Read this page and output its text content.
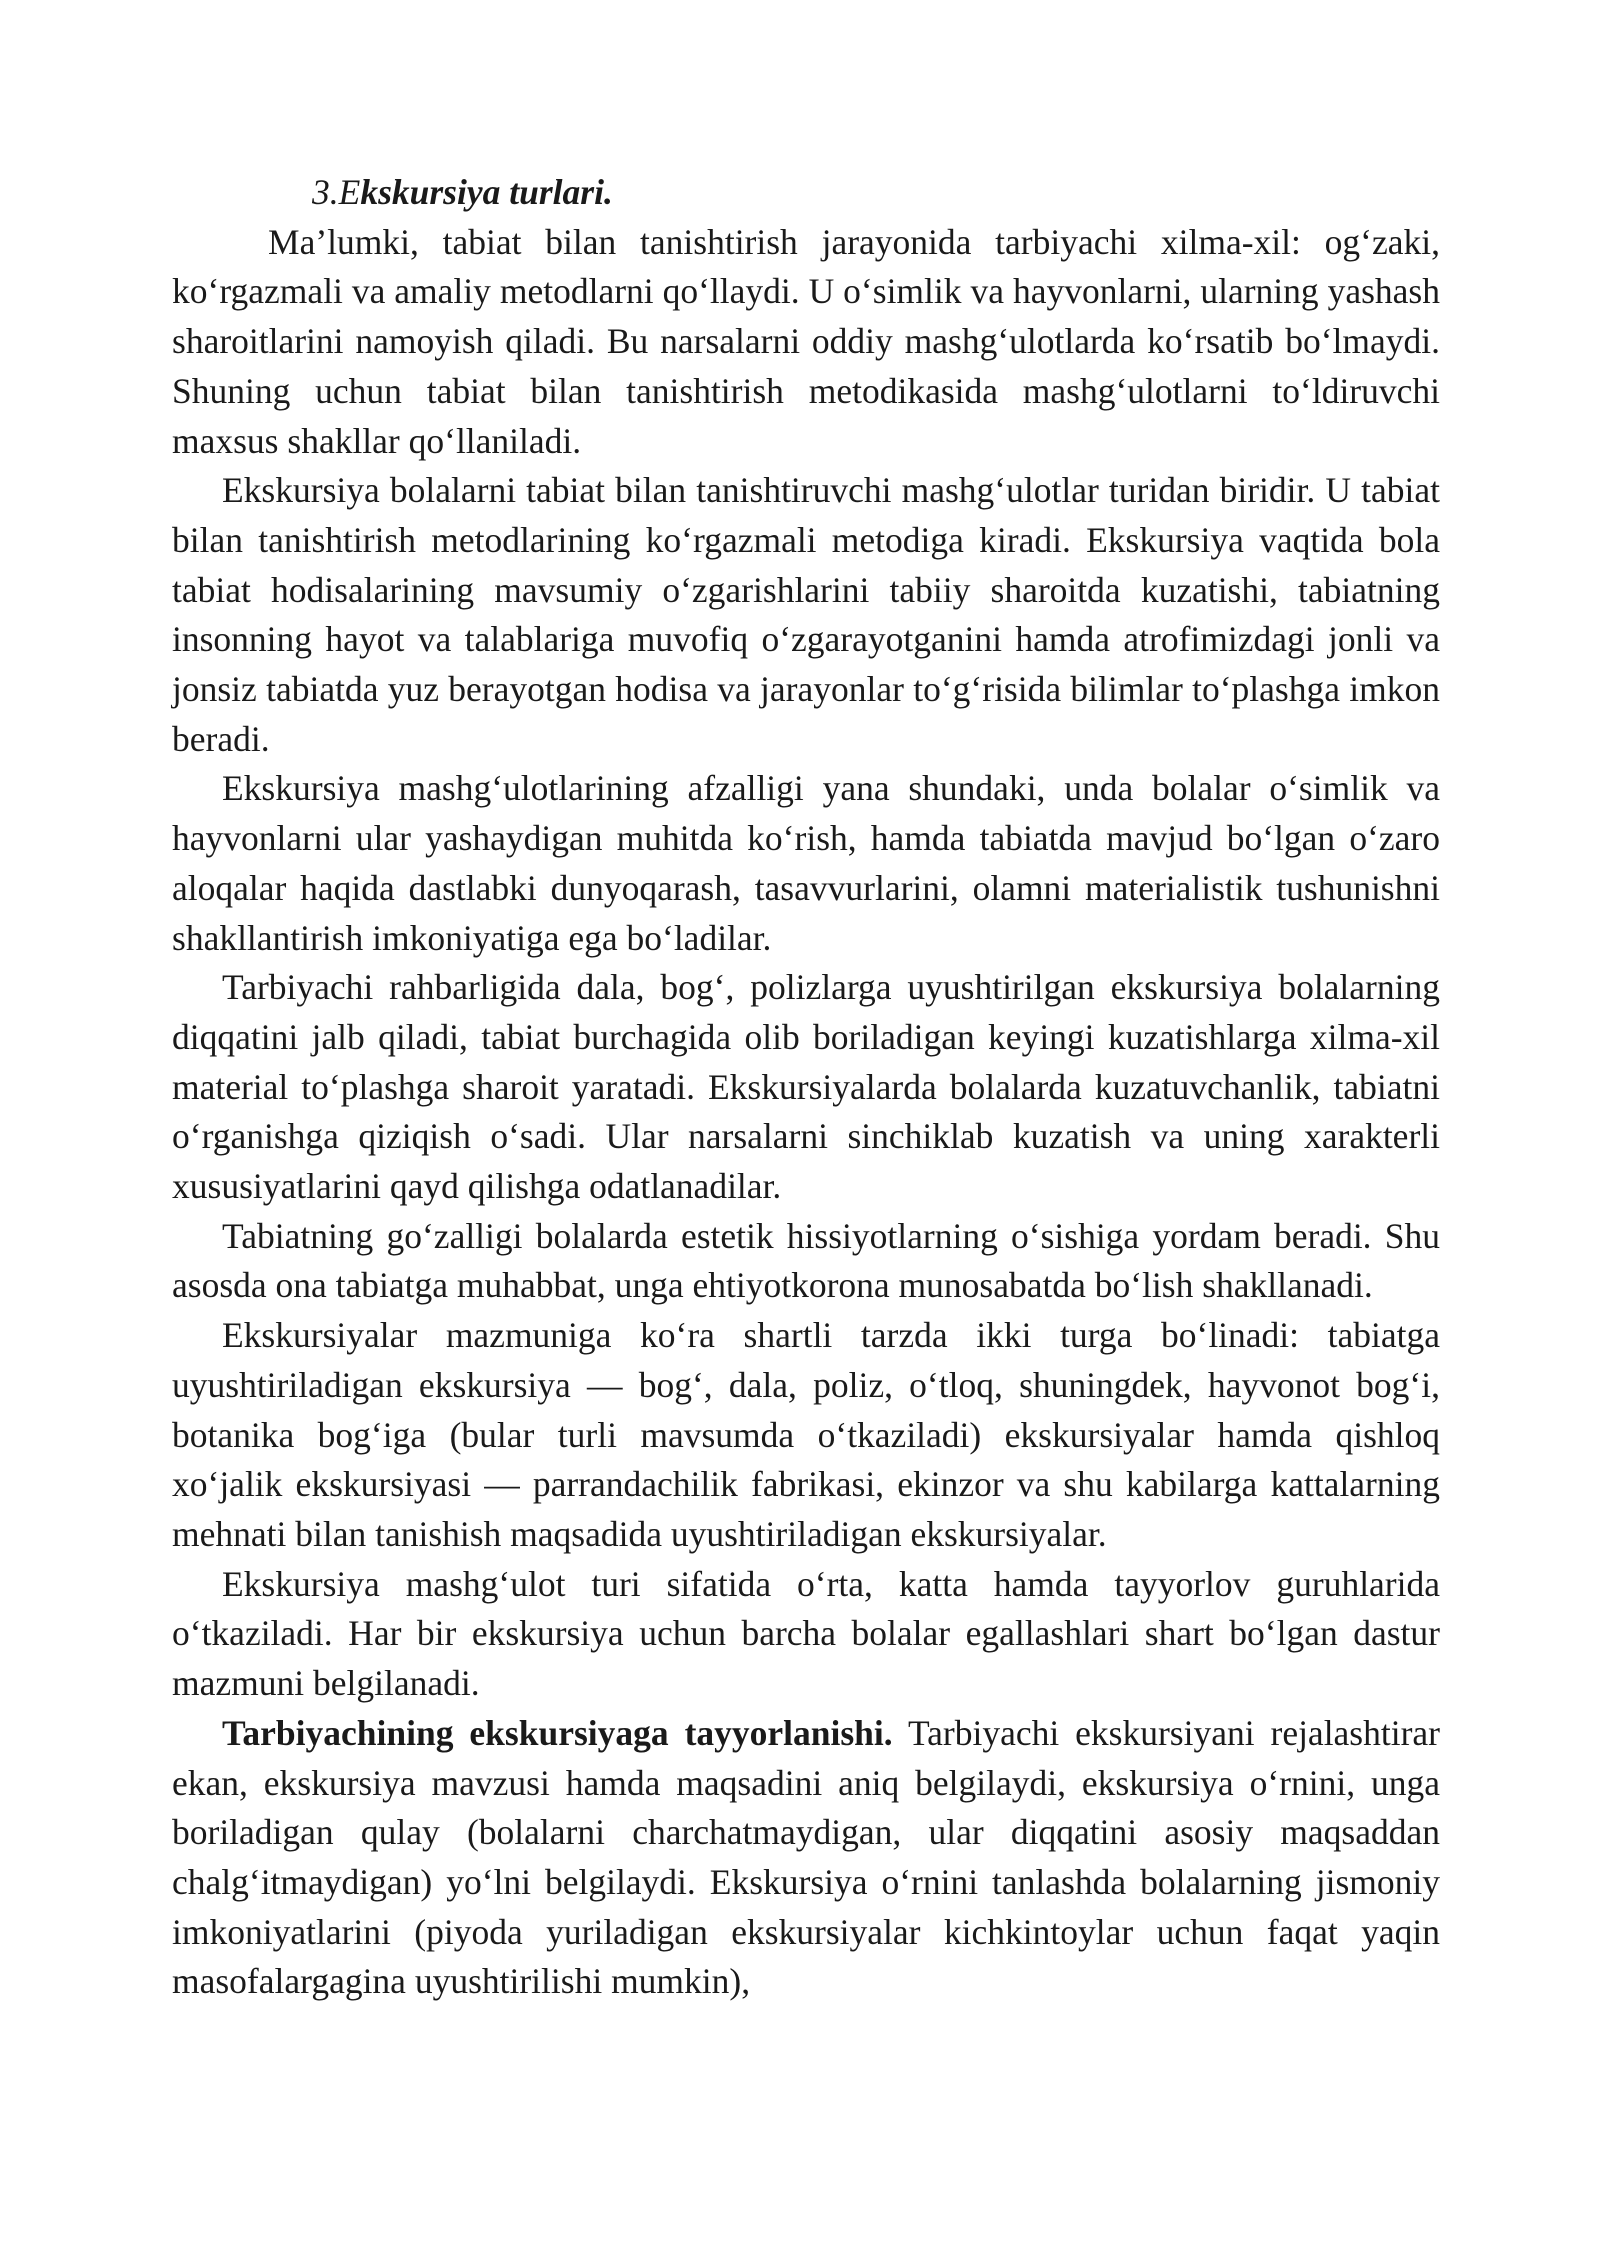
3.Ekskursiya turlari.

Ma’lumki, tabiat bilan tanishtirish jarayonida tarbiyachi xilma-xil: og‘zaki, ko‘rgazmali va amaliy metodlarni qo‘llaydi. U o‘simlik va hayvonlarni, ularning yashash sharoitlarini namoyish qiladi. Bu narsalarni oddiy mashg‘ulotlarda ko‘rsatib bo‘lmaydi. Shuning uchun tabiat bilan tanishtirish metodikasida mashg‘ulotlarni to‘ldiruvchi maxsus shakllar qo‘llaniladi.

Ekskursiya bolalarni tabiat bilan tanishtiruvchi mashg‘ulotlar turidan biridir. U tabiat bilan tanishtirish metodlarining ko‘rgazmali metodiga kiradi. Ekskursiya vaqtida bola tabiat hodisalarining mavsumiy o‘zgarishlarini tabiiy sharoitda kuzatishi, tabiatning insonning hayot va talablariga muvofiq o‘zgarayotganini hamda atrofimizdagi jonli va jonsiz tabiatda yuz berayotgan hodisa va jarayonlar to‘g‘risida bilimlar to‘plashga imkon beradi.

Ekskursiya mashg‘ulotlarining afzalligi yana shundaki, unda bolalar o‘simlik va hayvonlarni ular yashaydigan muhitda ko‘rish, hamda tabiatda mavjud bo‘lgan o‘zaro aloqalar haqida dastlabki dunyoqarash, tasavvurlarini, olamni materialistik tushunishni shakllantirish imkoniyatiga ega bo‘ladilar.

Tarbiyachi rahbarligida dala, bog‘, polizlarga uyushtirilgan ekskursiya bolalarning diqqatini jalb qiladi, tabiat burchagida olib boriladigan keyingi kuzatishlarga xilma-xil material to‘plashga sharoit yaratadi. Ekskursiyalarda bolalarda kuzatuvchanlik, tabiatni o‘rganishga qiziqish o‘sadi. Ular narsalarni sinchiklab kuzatish va uning xarakterli xususiyatlarini qayd qilishga odatlanadilar.

Tabiatning go‘zalligi bolalarda estetik hissiyotlarning o‘sishiga yordam beradi. Shu asosda ona tabiatga muhabbat, unga ehtiyotkorona munosabatda bo‘lish shakllanadi.

Ekskursiyalar mazmuniga ko‘ra shartli tarzda ikki turga bo‘linadi: tabiatga uyushtiriladigan ekskursiya — bog‘, dala, poliz, o‘tloq, shuningdek, hayvonot bog‘i, botanika bog‘iga (bular turli mavsumda o‘tkaziladi) ekskursiyalar hamda qishloq xo‘jalik ekskursiyasi — parrandachilik fabrikasi, ekinzor va shu kabilarga kattalarning mehnati bilan tanishish maqsadida uyushtiriladigan ekskursiyalar.

Ekskursiya mashg‘ulot turi sifatida o‘rta, katta hamda tayyorlov guruhlarida o‘tkaziladi. Har bir ekskursiya uchun barcha bolalar egallashlari shart bo‘lgan dastur mazmuni belgilanadi.

Tarbiyachining ekskursiyaga tayyorlanishi. Tarbiyachi ekskursiyani rejalashtirar ekan, ekskursiya mavzusi hamda maqsadini aniq belgilaydi, ekskursiya o‘rnini, unga boriladigan qulay (bolalarni charchatmaydigan, ular diqqatini asosiy maqsaddan chalg‘itmaydigan) yo‘lni belgilaydi. Ekskursiya o‘rnini tanlashda bolalarning jismoniy imkoniyatlarini (piyoda yuriladigan ekskursiyalar kichkintoylar uchun faqat yaqin masofalargagina uyushtirilishi mumkin),
